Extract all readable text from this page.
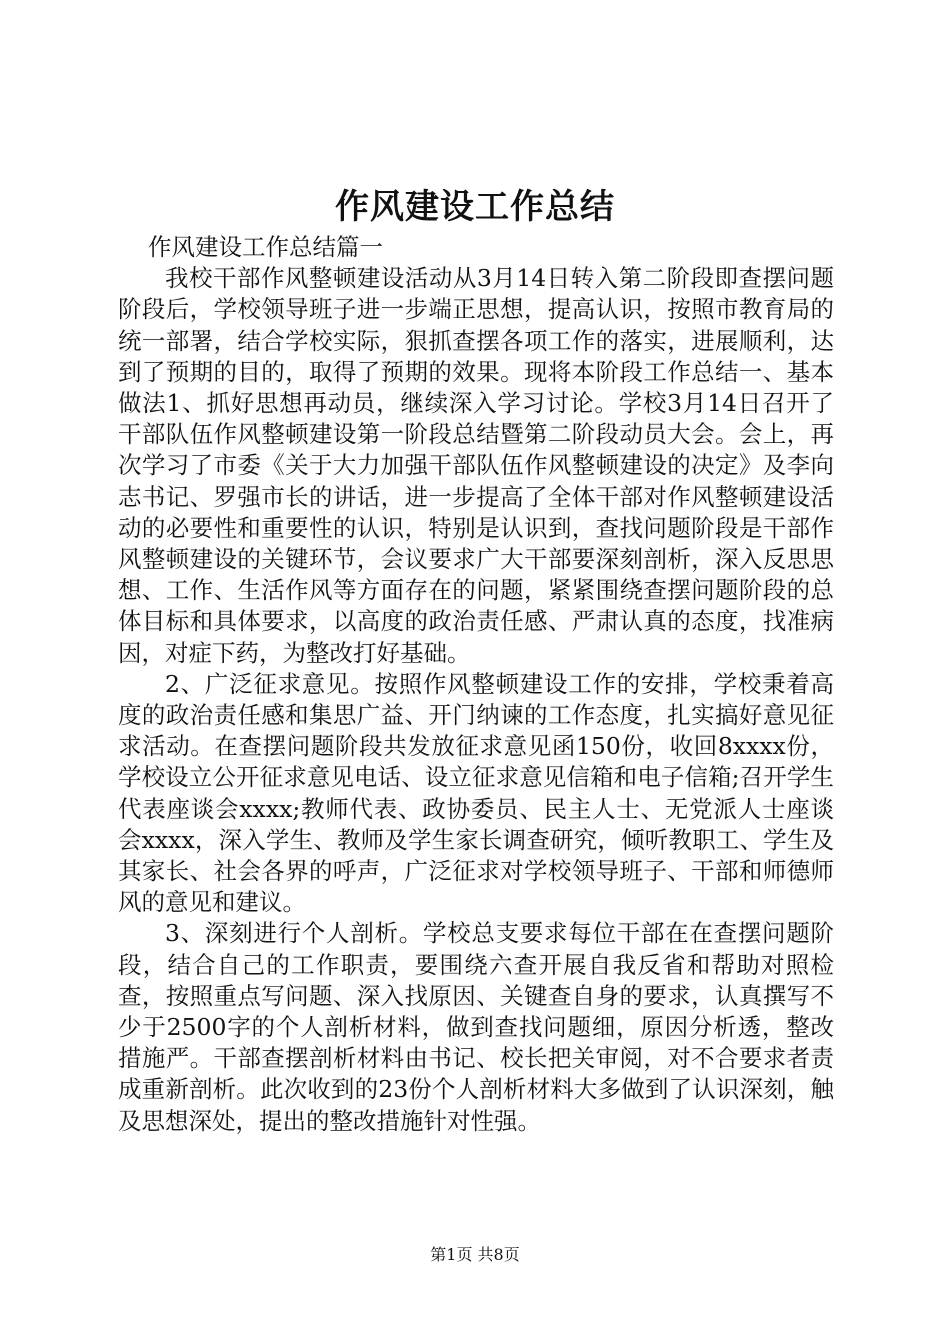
作风建设工作总结

作风建设工作总结篇一

我校干部作风整顿建设活动从3月14日转入第二阶段即查摆问题阶段后，学校领导班子进一步端正思想，提高认识，按照市教育局的统一部署，结合学校实际，狠抓查摆各项工作的落实，进展顺利，达到了预期的目的，取得了预期的效果。现将本阶段工作总结一、基本做法1、抓好思想再动员，继续深入学习讨论。学校3月14日召开了干部队伍作风整顿建设第一阶段总结暨第二阶段动员大会。会上，再次学习了市委《关于大力加强干部队伍作风整顿建设的决定》及李向志书记、罗强市长的讲话，进一步提高了全体干部对作风整顿建设活动的必要性和重要性的认识，特别是认识到，查找问题阶段是干部作风整顿建设的关键环节，会议要求广大干部要深刻剖析，深入反思思想、工作、生活作风等方面存在的问题，紧紧围绕查摆问题阶段的总体目标和具体要求，以高度的政治责任感、严肃认真的态度，找准病因，对症下药，为整改打好基础。

2、广泛征求意见。按照作风整顿建设工作的安排，学校秉着高度的政治责任感和集思广益、开门纳谏的工作态度，扎实搞好意见征求活动。在查摆问题阶段共发放征求意见函150份，收回8xxxx份，学校设立公开征求意见电话、设立征求意见信箱和电子信箱;召开学生代表座谈会xxxx;教师代表、政协委员、民主人士、无党派人士座谈会xxxx，深入学生、教师及学生家长调查研究，倾听教职工、学生及其家长、社会各界的呼声，广泛征求对学校领导班子、干部和师德师风的意见和建议。

3、深刻进行个人剖析。学校总支要求每位干部在在查摆问题阶段，结合自己的工作职责，要围绕六查开展自我反省和帮助对照检查，按照重点写问题、深入找原因、关键查自身的要求，认真撰写不少于2500字的个人剖析材料，做到查找问题细，原因分析透，整改措施严。干部查摆剖析材料由书记、校长把关审阅，对不合要求者责成重新剖析。此次收到的23份个人剖析材料大多做到了认识深刻，触及思想深处，提出的整改措施针对性强。

第1页 共8页
